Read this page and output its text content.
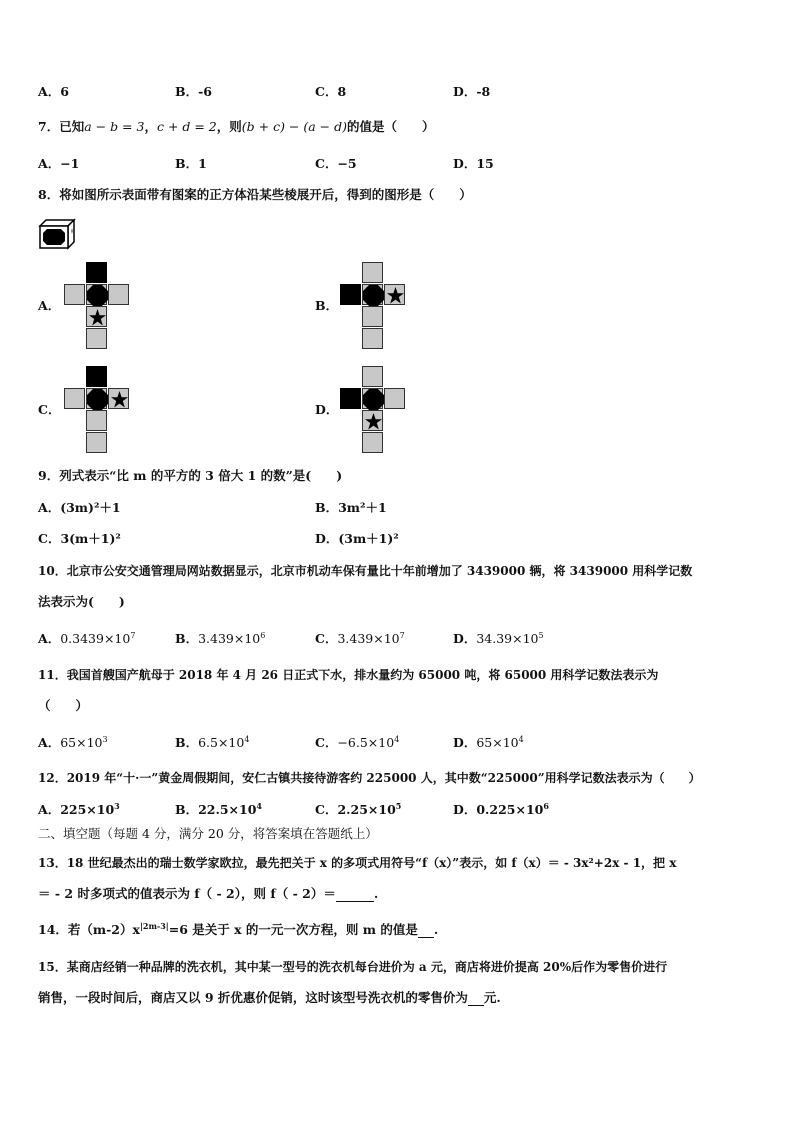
A．6	B．-6	C．8	D．-8
7．已知a − b = 3，c + d = 2，则(b + c) − (a − d)的值是（　　）
A．−1	B．1	C．−5	D．15
8．将如图所示表面带有图案的正方体沿某些棱展开后，得到的图形是（　　）
A．	B．
C．	D．
9．列式表示“比 m 的平方的 3 倍大 1 的数”是(　　)
A．(3m)²＋1	B．3m²＋1
C．3(m＋1)²	D．(3m＋1)²
10．北京市公安交通管理局网站数据显示，北京市机动车保有量比十年前增加了 3439000 辆，将 3439000 用科学记数
法表示为(　　)
A．$0.3439\times 10^7$	B．$3.439\times 10^6$	C．$3.439\times 10^7$	D．$34.39\times 10^5$
11．我国首艘国产航母于 2018 年 4 月 26 日正式下水，排水量约为 65000 吨，将 65000 用科学记数法表示为
（　　）
A．$65\times 10^3$	B．$6.5\times 10^4$	C．$-6.5\times 10^4$	D．$65\times 10^4$
12．2019 年“十·一”黄金周假期间，安仁古镇共接待游客约 225000 人，其中数“225000”用科学记数法表示为（　　）
A．$225\times 10^3$	B．$22.5\times 10^4$	C．$2.25\times 10^5$	D．$0.225\times 10^6$
二、填空题（每题 4 分，满分 20 分，将答案填在答题纸上）
13．18 世纪最杰出的瑞士数学家欧拉，最先把关于 x 的多项式用符号“f（x）”表示，如 f（x）＝ - 3x²+2x - 1，把 x
＝ - 2 时多项式的值表示为 f（ - 2），则 f（ - 2）＝	.
14．若$(m-2)x^{|2m-3|}=6$ 是关于 x 的一元一次方程，则 m 的值是 .
15．某商店经销一种品牌的洗衣机，其中某一型号的洗衣机每台进价为 a 元，商店将进价提高 20%后作为零售价进行
销售，一段时间后，商店又以 9 折优惠价促销，这时该型号洗衣机的零售价为 元.
